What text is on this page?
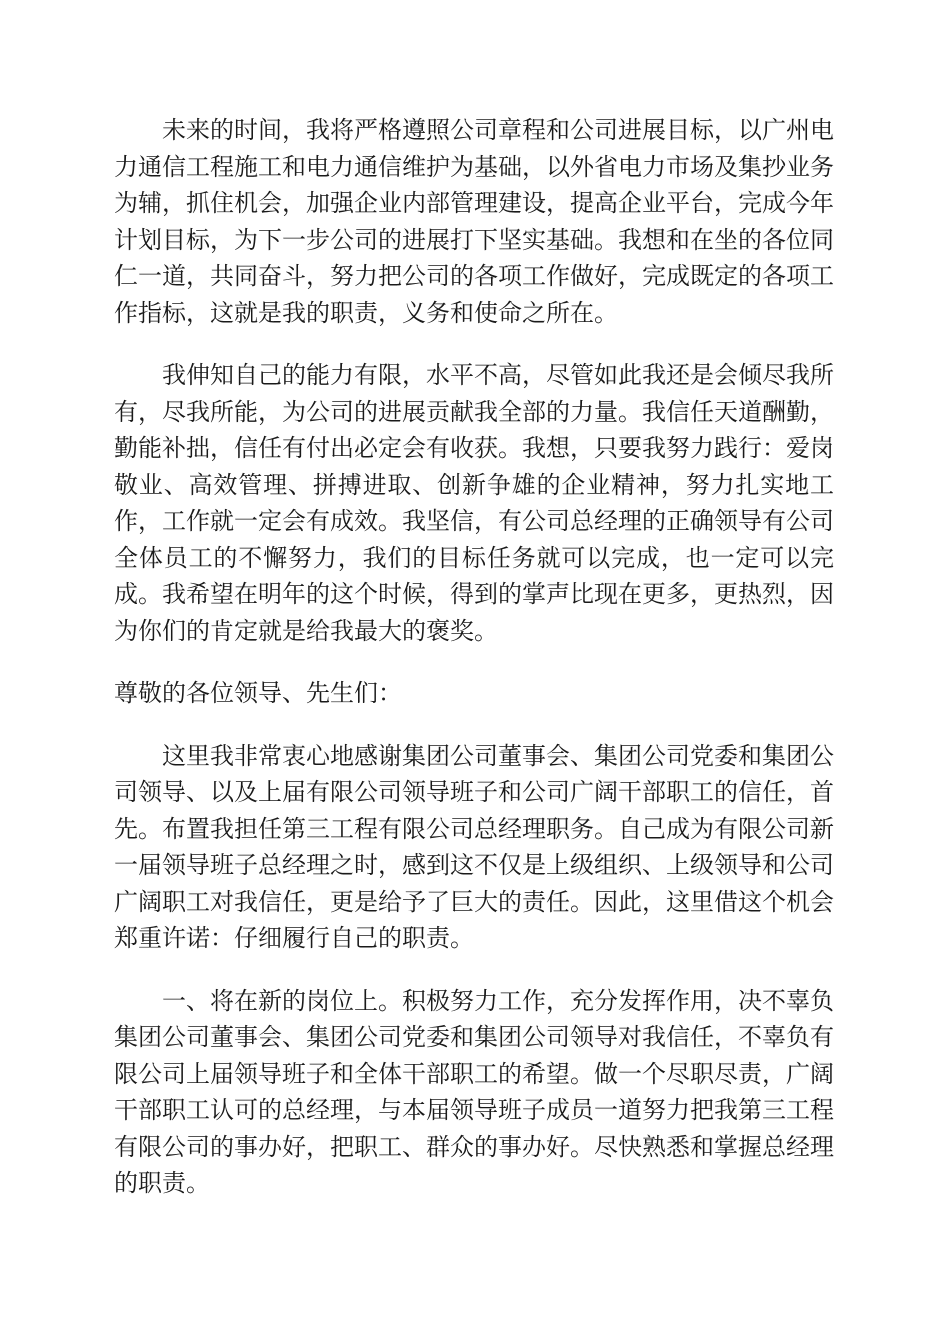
未来的时间，我将严格遵照公司章程和公司进展目标，以广州电力通信工程施工和电力通信维护为基础，以外省电力市场及集抄业务为辅，抓住机会，加强企业内部管理建设，提高企业平台，完成今年计划目标，为下一步公司的进展打下坚实基础。我想和在坐的各位同仁一道，共同奋斗，努力把公司的各项工作做好，完成既定的各项工作指标，这就是我的职责，义务和使命之所在。

我伸知自己的能力有限，水平不高，尽管如此我还是会倾尽我所有，尽我所能，为公司的进展贡献我全部的力量。我信任天道酬勤，勤能补拙，信任有付出必定会有收获。我想，只要我努力践行：爱岗敬业、高效管理、拼搏进取、创新争雄的企业精神，努力扎实地工作，工作就一定会有成效。我坚信，有公司总经理的正确领导有公司全体员工的不懈努力，我们的目标任务就可以完成，也一定可以完成。我希望在明年的这个时候，得到的掌声比现在更多，更热烈，因为你们的肯定就是给我最大的褒奖。

尊敬的各位领导、先生们：

这里我非常衷心地感谢集团公司董事会、集团公司党委和集团公司领导、以及上届有限公司领导班子和公司广阔干部职工的信任，首先。布置我担任第三工程有限公司总经理职务。自己成为有限公司新一届领导班子总经理之时，感到这不仅是上级组织、上级领导和公司广阔职工对我信任，更是给予了巨大的责任。因此，这里借这个机会郑重许诺：仔细履行自己的职责。

一、将在新的岗位上。积极努力工作，充分发挥作用，决不辜负集团公司董事会、集团公司党委和集团公司领导对我信任，不辜负有限公司上届领导班子和全体干部职工的希望。做一个尽职尽责，广阔干部职工认可的总经理，与本届领导班子成员一道努力把我第三工程有限公司的事办好，把职工、群众的事办好。尽快熟悉和掌握总经理的职责。
